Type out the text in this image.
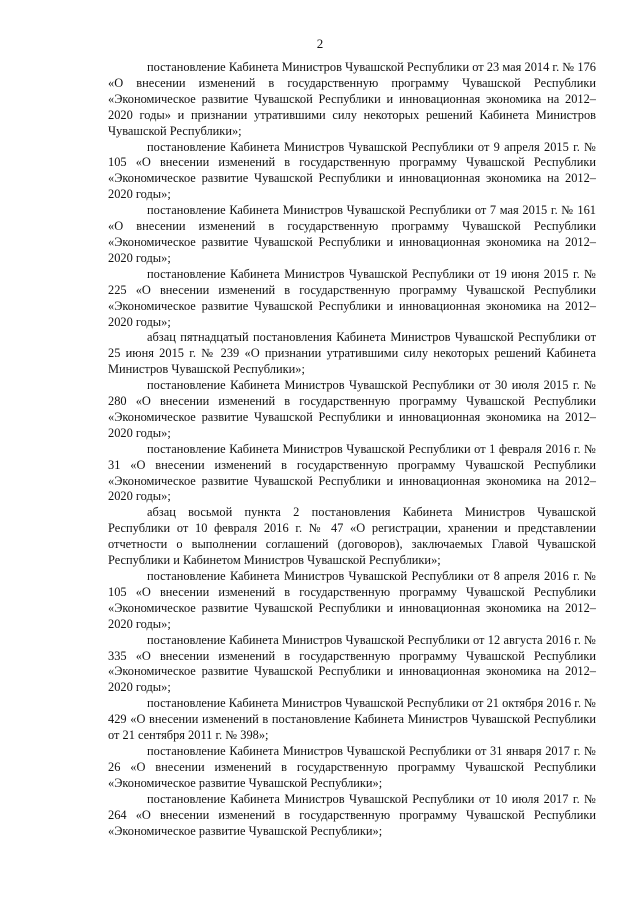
2

постановление Кабинета Министров Чувашской Республики от 23 мая 2014 г. № 176 «О внесении изменений в государственную программу Чувашской Республики «Экономическое развитие Чувашской Республики и инновационная экономика на 2012–2020 годы» и признании утратившими силу некоторых решений Кабинета Министров Чувашской Республики»;

постановление Кабинета Министров Чувашской Республики от 9 апреля 2015 г. № 105 «О внесении изменений в государственную программу Чувашской Республики «Экономическое развитие Чувашской Республики и инновационная экономика на 2012–2020 годы»;

постановление Кабинета Министров Чувашской Республики от 7 мая 2015 г. № 161 «О внесении изменений в государственную программу Чувашской Республики «Экономическое развитие Чувашской Республики и инновационная экономика на 2012–2020 годы»;

постановление Кабинета Министров Чувашской Республики от 19 июня 2015 г. № 225 «О внесении изменений в государственную программу Чувашской Республики «Экономическое развитие Чувашской Республики и инновационная экономика на 2012–2020 годы»;

абзац пятнадцатый постановления Кабинета Министров Чувашской Республики от 25 июня 2015 г. № 239 «О признании утратившими силу некоторых решений Кабинета Министров Чувашской Республики»;

постановление Кабинета Министров Чувашской Республики от 30 июля 2015 г. № 280 «О внесении изменений в государственную программу Чувашской Республики «Экономическое развитие Чувашской Республики и инновационная экономика на 2012–2020 годы»;

постановление Кабинета Министров Чувашской Республики от 1 февраля 2016 г. № 31 «О внесении изменений в государственную программу Чувашской Республики «Экономическое развитие Чувашской Республики и инновационная экономика на 2012–2020 годы»;

абзац восьмой пункта 2 постановления Кабинета Министров Чувашской Республики от 10 февраля 2016 г. № 47 «О регистрации, хранении и представлении отчетности о выполнении соглашений (договоров), заключаемых Главой Чувашской Республики и Кабинетом Министров Чувашской Республики»;

постановление Кабинета Министров Чувашской Республики от 8 апреля 2016 г. № 105 «О внесении изменений в государственную программу Чувашской Республики «Экономическое развитие Чувашской Республики и инновационная экономика на 2012–2020 годы»;

постановление Кабинета Министров Чувашской Республики от 12 августа 2016 г. № 335 «О внесении изменений в государственную программу Чувашской Республики «Экономическое развитие Чувашской Республики и инновационная экономика на 2012–2020 годы»;

постановление Кабинета Министров Чувашской Республики от 21 октября 2016 г. № 429 «О внесении изменений в постановление Кабинета Министров Чувашской Республики от 21 сентября 2011 г. № 398»;

постановление Кабинета Министров Чувашской Республики от 31 января 2017 г. № 26 «О внесении изменений в государственную программу Чувашской Республики «Экономическое развитие Чувашской Республики»;

постановление Кабинета Министров Чувашской Республики от 10 июля 2017 г. № 264 «О внесении изменений в государственную программу Чувашской Республики «Экономическое развитие Чувашской Республики»;
